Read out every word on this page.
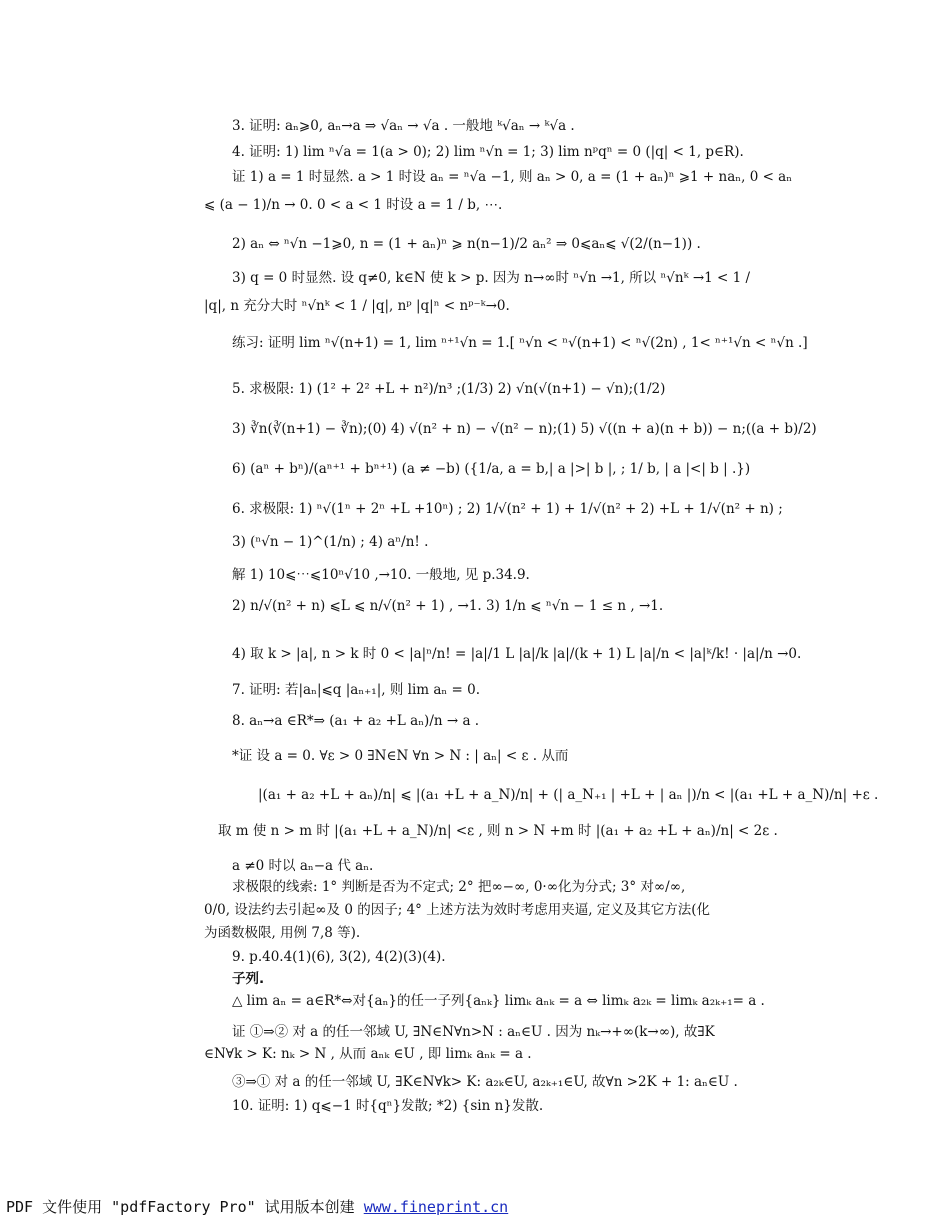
3. 证明: aₙ⩾0, aₙ→a ⇒ √aₙ → √a . 一般地 ᵏ√aₙ → ᵏ√a .
4. 证明: 1) lim ⁿ√a = 1(a > 0); 2) lim ⁿ√n = 1; 3) lim nᵖqⁿ = 0 (|q| < 1, p∈R).
证 1) a = 1 时显然. a > 1 时设 aₙ = ⁿ√a −1, 则 aₙ > 0, a = (1 + aₙ)ⁿ ⩾1 + naₙ, 0 < aₙ
⩽ (a − 1)/n → 0. 0 < a < 1 时设 a = 1 / b, ⋯.
2) aₙ ⇔ ⁿ√n −1⩾0, n = (1 + aₙ)ⁿ ⩾ n(n−1)/2 aₙ² ⇒ 0⩽aₙ⩽ √(2/(n−1)) .
3) q = 0 时显然. 设 q≠0, k∈N 使 k > p. 因为 n→∞时 ⁿ√n →1, 所以 ⁿ√nᵏ →1 < 1 /
|q|, n 充分大时 ⁿ√nᵏ < 1 / |q|, nᵖ |q|ⁿ < nᵖ⁻ᵏ→0.
练习: 证明 lim ⁿ√(n+1) = 1, lim ⁿ⁺¹√n = 1.[ ⁿ√n < ⁿ√(n+1) < ⁿ√(2n) , 1< ⁿ⁺¹√n < ⁿ√n .]
5. 求极限: 1) (1² + 2² +L + n²)/n³ ;(1/3) 2) √n(√(n+1) − √n);(1/2)
3) ∛n(∛(n+1) − ∛n);(0) 4) √(n² + n) − √(n² − n);(1) 5) √((n + a)(n + b)) − n;((a + b)/2)
6) (aⁿ + bⁿ)/(aⁿ⁺¹ + bⁿ⁺¹) (a ≠ −b) ({1/a, a = b,| a |>| b |, ; 1/ b, | a |<| b | .})
6. 求极限: 1) ⁿ√(1ⁿ + 2ⁿ +L +10ⁿ) ; 2) 1/√(n² + 1) + 1/√(n² + 2) +L + 1/√(n² + n) ;
3) (ⁿ√n − 1)^(1/n) ; 4) aⁿ/n! .
解 1) 10⩽⋯⩽10ⁿ√10 ,→10. 一般地, 见 p.34.9.
2) n/√(n² + n) ⩽L ⩽ n/√(n² + 1) , →1. 3) 1/n ⩽ ⁿ√n − 1 ≤ n , →1.
4) 取 k > |a|, n > k 时 0 < |a|ⁿ/n! = |a|/1 L |a|/k |a|/(k + 1) L |a|/n < |a|ᵏ/k! · |a|/n →0.
7. 证明: 若|aₙ|⩽q |aₙ₊₁|, 则 lim aₙ = 0.
8. aₙ→a ∈R*⇒ (a₁ + a₂ +L aₙ)/n → a .
*证 设 a = 0. ∀ε > 0 ∃N∈N ∀n > N : | aₙ| < ε . 从而
|(a₁ + a₂ +L + aₙ)/n| ⩽ |(a₁ +L + a_N)/n| + (| a_N₊₁ | +L + | aₙ |)/n < |(a₁ +L + a_N)/n| +ε .
取 m 使 n > m 时 |(a₁ +L + a_N)/n| <ε , 则 n > N +m 时 |(a₁ + a₂ +L + aₙ)/n| < 2ε .
a ≠0 时以 aₙ−a 代 aₙ.
求极限的线索: 1° 判断是否为不定式; 2° 把∞−∞, 0·∞化为分式; 3° 对∞/∞,
0/0, 设法约去引起∞及 0 的因子; 4° 上述方法为效时考虑用夹逼, 定义及其它方法(化
为函数极限, 用例 7,8 等).
9. p.40.4(1)(6), 3(2), 4(2)(3)(4).
子列.
△ lim aₙ = a∈R*⇔对{aₙ}的任一子列{aₙₖ} limₖ aₙₖ = a ⇔ limₖ a₂ₖ = limₖ a₂ₖ₊₁= a .
证 ①⇒② 对 a 的任一邻域 U, ∃N∈N∀n>N : aₙ∈U . 因为 nₖ→+∞(k→∞), 故∃K
∈N∀k > K: nₖ > N , 从而 aₙₖ ∈U , 即 limₖ aₙₖ = a .
③⇒① 对 a 的任一邻域 U, ∃K∈N∀k> K: a₂ₖ∈U, a₂ₖ₊₁∈U, 故∀n >2K + 1: aₙ∈U .
10. 证明: 1) q⩽−1 时{qⁿ}发散; *2) {sin n}发散.
PDF 文件使用 "pdfFactory Pro" 试用版本创建 www.fineprint.cn
